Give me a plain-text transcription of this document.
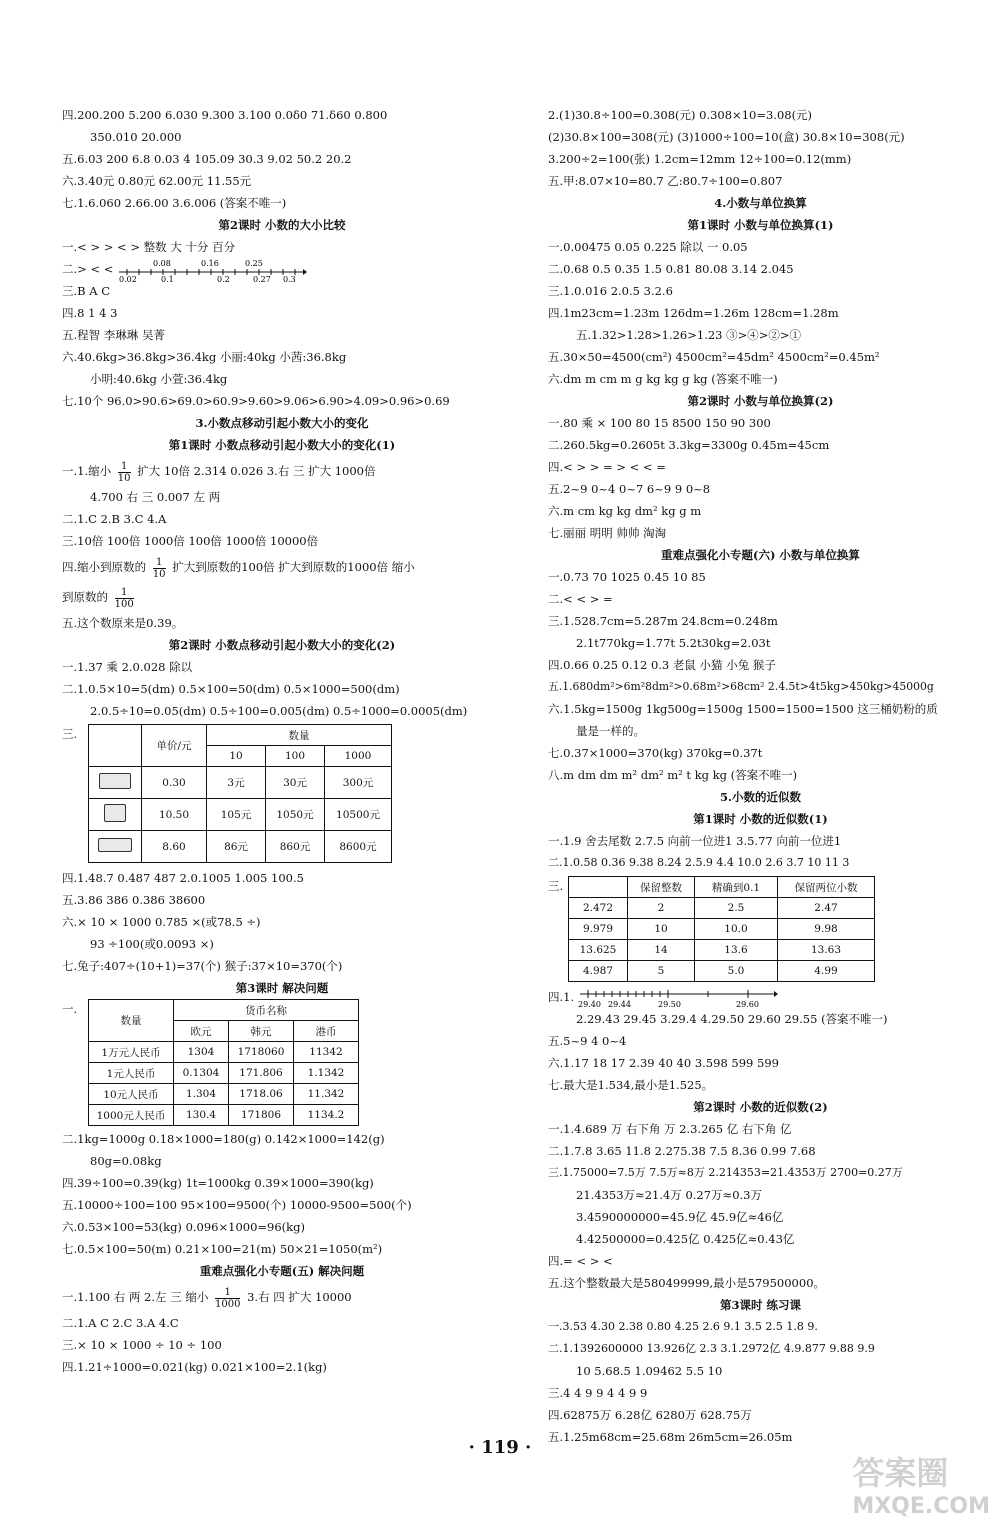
四.200.200 5.200 6.030 9.300 3.100 0.0δ0 71.δ60 0.800
350.010 20.000
五.6.03 200 6.8 0.03 4 105.09 30.3 9.02 50.2 20.2
六.3.40元 0.80元 62.00元 11.55元
七.1.6.060 2.66.00 3.6.006 (答案不唯一)
第2课时 小数的大小比较
一.< > > < > 整数 大 十分 百分
二.> < <	0.08	0.16	0.25
0.02	0.1	0.2	0.27 0.3
三.B A C
四.8 1 4 3
五.程智 李琳琳 吴菁
六.40.6kg>36.8kg>36.4kg 小丽:40kg 小茜:36.8kg
小明:40.6kg 小萱:36.4kg
七.10个 96.0>90.6>69.0>60.9>9.60>9.06>6.90>4.09>0.96>0.69
3.小数点移动引起小数大小的变化
第1课时 小数点移动引起小数大小的变化(1)
一.1.缩小 $\frac{1}{10}$ 扩大 10倍 2.314 0.026 3.右 三 扩大 1000倍
4.700 右 三 0.007 左 两
二.1.C 2.B 3.C 4.A
三.10倍 100倍 1000倍 100倍 1000倍 10000倍
四.缩小到原数的 $\frac{1}{10}$ 扩大到原数的100倍 扩大到原数的1000倍 缩小
到原数的 $\frac{1}{100}$
五.这个数原来是0.39。
第2课时 小数点移动引起小数大小的变化(2)
一.1.37 乘 2.0.028 除以
二.1.0.5×10=5(dm) 0.5×100=50(dm) 0.5×1000=500(dm)
2.0.5÷10=0.05(dm) 0.5÷100=0.005(dm) 0.5÷1000=0.0005(dm)
三.
	单价/元	数量		
		10	100	1000
	0.30	3元	30元	300元
	10.50	105元	1050元	10500元
	8.60	86元	860元	8600元
四.1.48.7 0.487 487 2.0.1005 1.005 100.5
五.3.86 386 0.386 38600
六.× 10 × 1000 0.785 ×(或78.5 ÷)
93 ÷100(或0.0093 ×)
七.兔子:407÷(10+1)=37(个) 猴子:37×10=370(个)
第3课时 解决问题
一.
数量	货币名称		
	欧元	韩元	港币
1万元人民币	1304	1718060	11342
1元人民币	0.1304	171.806	1.1342
10元人民币	1.304	1718.06	11.342
1000元人民币	130.4	171806	1134.2
二.1kg=1000g 0.18×1000=180(g) 0.142×1000=142(g)
80g=0.08kg
四.39÷100=0.39(kg) 1t=1000kg 0.39×1000=390(kg)
五.10000÷100=100 95×100=9500(个) 10000-9500=500(个)
六.0.53×100=53(kg) 0.096×1000=96(kg)
七.0.5×100=50(m) 0.21×100=21(m) 50×21=1050(m²)
重难点强化小专题(五) 解决问题
一.1.100 右 两 2.左 三 缩小 $\frac{1}{1000} 3$.右 四 扩大 10000
二.1.A C 2.C 3.A 4.C
三.× 10 × 1000 ÷ 10 ÷ 100
四.1.21÷1000=0.021(kg) 0.021×100=2.1(kg)
2.(1)30.8÷100=0.308(元) 0.308×10=3.08(元)
(2)30.8×100=308(元) (3)1000÷100=10(盒) 30.8×10=308(元)
3.200÷2=100(张) 1.2cm=12mm 12÷100=0.12(mm)
五.甲:8.07×10=80.7 乙:80.7÷100=0.807
4.小数与单位换算
第1课时 小数与单位换算(1)
一.0.00475 0.05 0.225 除以 一 0.05
二.0.68 0.5 0.35 1.5 0.81 80.08 3.14 2.045
三.1.0.016 2.0.5 3.2.6
四.1m23cm=1.23m 126dm=1.26m 128cm=1.28m
五.1.32>1.28>1.26>1.23 ③>④>②>①
五.30×50=4500(cm²) 4500cm²=45dm² 4500cm²=0.45m²
六.dm m cm m g kg kg g kg (答案不唯一)
第2课时 小数与单位换算(2)
一.80 乘 × 100 80 15 8500 150 90 300
二.260.5kg=0.2605t 3.3kg=3300g 0.45m=45cm
四.< > > = > < < =
五.2~9 0~4 0~7 6~9 9 0~8
六.m cm kg kg dm² kg g m
七.丽丽 明明 帅帅 淘淘
重难点强化小专题(六) 小数与单位换算
一.0.73 70 1025 0.45 10 85
二.< < > =
三.1.528.7cm=5.287m 24.8cm=0.248m
2.1t770kg=1.77t 5.2t30kg=2.03t
四.0.66 0.25 0.12 0.3 老鼠 小猫 小兔 猴子
五.1.680dm²>6m²8dm²>0.68m²>68cm² 2.4.5t>4t5kg>450kg>45000g
六.1.5kg=1500g 1kg500g=1500g 1500=1500=1500 这三桶奶粉的质
量是一样的。
七.0.37×1000=370(kg) 370kg=0.37t
八.m dm dm m² dm² m² t kg kg (答案不唯一)
5.小数的近似数
第1课时 小数的近似数(1)
一.1.9 舍去尾数 2.7.5 向前一位进1 3.5.77 向前一位进1
二.1.0.58 0.36 9.38 8.24 2.5.9 4.4 10.0 2.6 3.7 10 11 3
三.
		保留整数	精确到0.1	保留两位小数
2.472	2	2.5	2.47
9.979	10	10.0	9.98
13.625	14	13.6	13.63
4.987	5	5.0	4.99
四.1.
29.40 29.44	29.50	29.60
2.29.43 29.45 3.29.4 4.29.50 29.60 29.55 (答案不唯一)
五.5~9 4 0~4
六.1.17 18 17 2.39 40 40 3.598 599 599
七.最大是1.534,最小是1.525。
第2课时 小数的近似数(2)
一.1.4.689 万 右下角 万 2.3.265 亿 右下角 亿
二.1.7.8 3.65 11.8 2.275.38 7.5 8.36 0.99 7.68
三.1.75000=7.5万 7.5万≈8万 2.214353=21.4353万 2700=0.27万
21.4353万≈21.4万 0.27万≈0.3万
3.4590000000=45.9亿 45.9亿≈46亿
4.42500000=0.425亿 0.425亿≈0.43亿
四.= < > <
五.这个整数最大是580499999,最小是579500000。
第3课时 练习课
一.3.53 4.30 2.38 0.80 4.25 2.6 9.1 3.5 2.5 1.8 9.
二.1.1392600000 13.926亿 2.3 3.1.2972亿 4.9.877 9.88 9.9
10 5.68.5 1.09462 5.5 10
三.4 4 9 9 4 4 9 9
四.62875万 6.28亿 6280万 628.75万
五.1.25m68cm=25.68m 26m5cm=26.05m
· 119 ·
答案圈
MXQE.COM
